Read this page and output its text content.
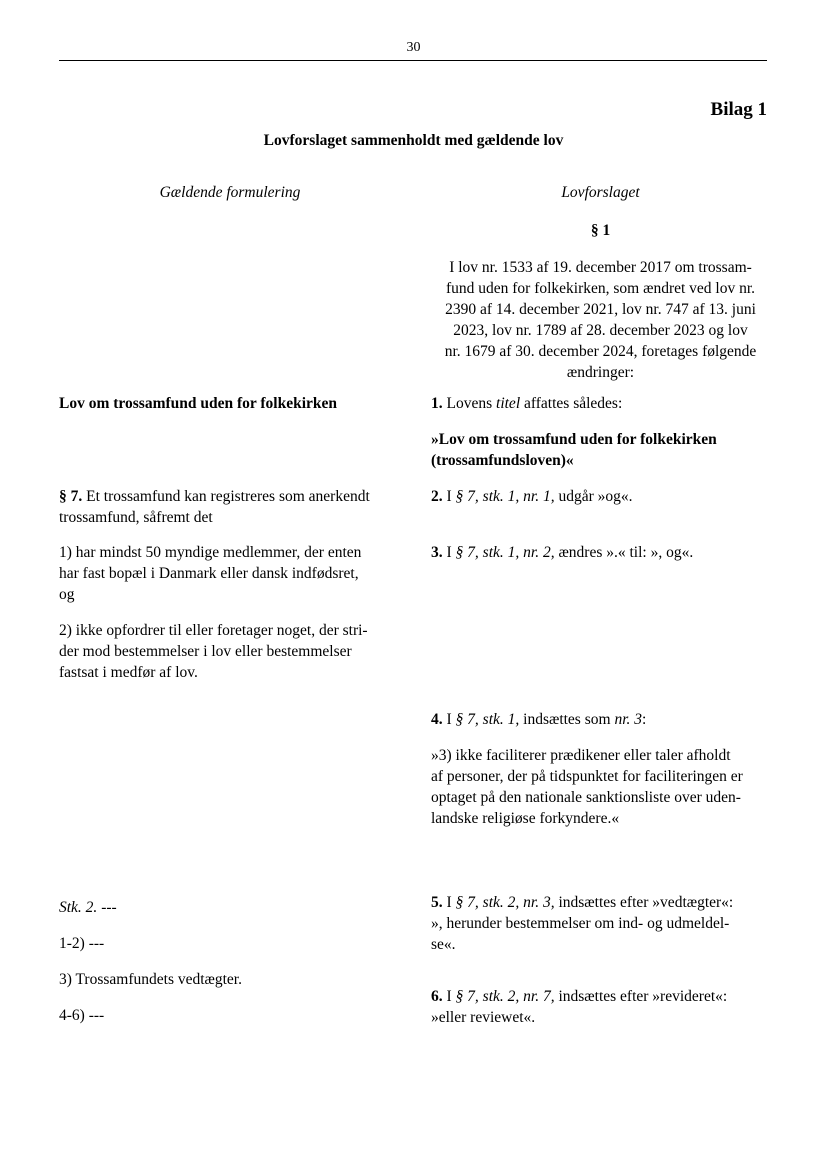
30
Bilag 1
Lovforslaget sammenholdt med gældende lov
Gældende formulering	Lovforslaget
§ 1
I lov nr. 1533 af 19. december 2017 om trossam-
fund uden for folkekirken, som ændret ved lov nr.
2390 af 14. december 2021, lov nr. 747 af 13. juni
2023, lov nr. 1789 af 28. december 2023 og lov
nr. 1679 af 30. december 2024, foretages følgende
ændringer:
Lov om trossamfund uden for folkekirken
§ 7. Et trossamfund kan registreres som anerkendt
trossamfund, såfremt det
1) har mindst 50 myndige medlemmer, der enten
har fast bopæl i Danmark eller dansk indfødsret,
og
2) ikke opfordrer til eller foretager noget, der stri-
der mod bestemmelser i lov eller bestemmelser
fastsat i medfør af lov.
Stk. 2. ---
1-2) ---
3) Trossamfundets vedtægter.
4-6) ---
1. Lovens titel affattes således:
»Lov om trossamfund uden for folkekirken
(trossamfundsloven)«
2. I § 7, stk. 1, nr. 1, udgår »og«.
3. I § 7, stk. 1, nr. 2, ændres ».« til: », og«.
4. I § 7, stk. 1, indsættes som nr. 3:
»3) ikke faciliterer prædikener eller taler afholdt
af personer, der på tidspunktet for faciliteringen er
optaget på den nationale sanktionsliste over uden-
landske religiøse forkyndere.«
5. I § 7, stk. 2, nr. 3, indsættes efter »vedtægter«:
», herunder bestemmelser om ind- og udmeldel-
se«.
6. I § 7, stk. 2, nr. 7, indsættes efter »revideret«:
»eller reviewet«.
